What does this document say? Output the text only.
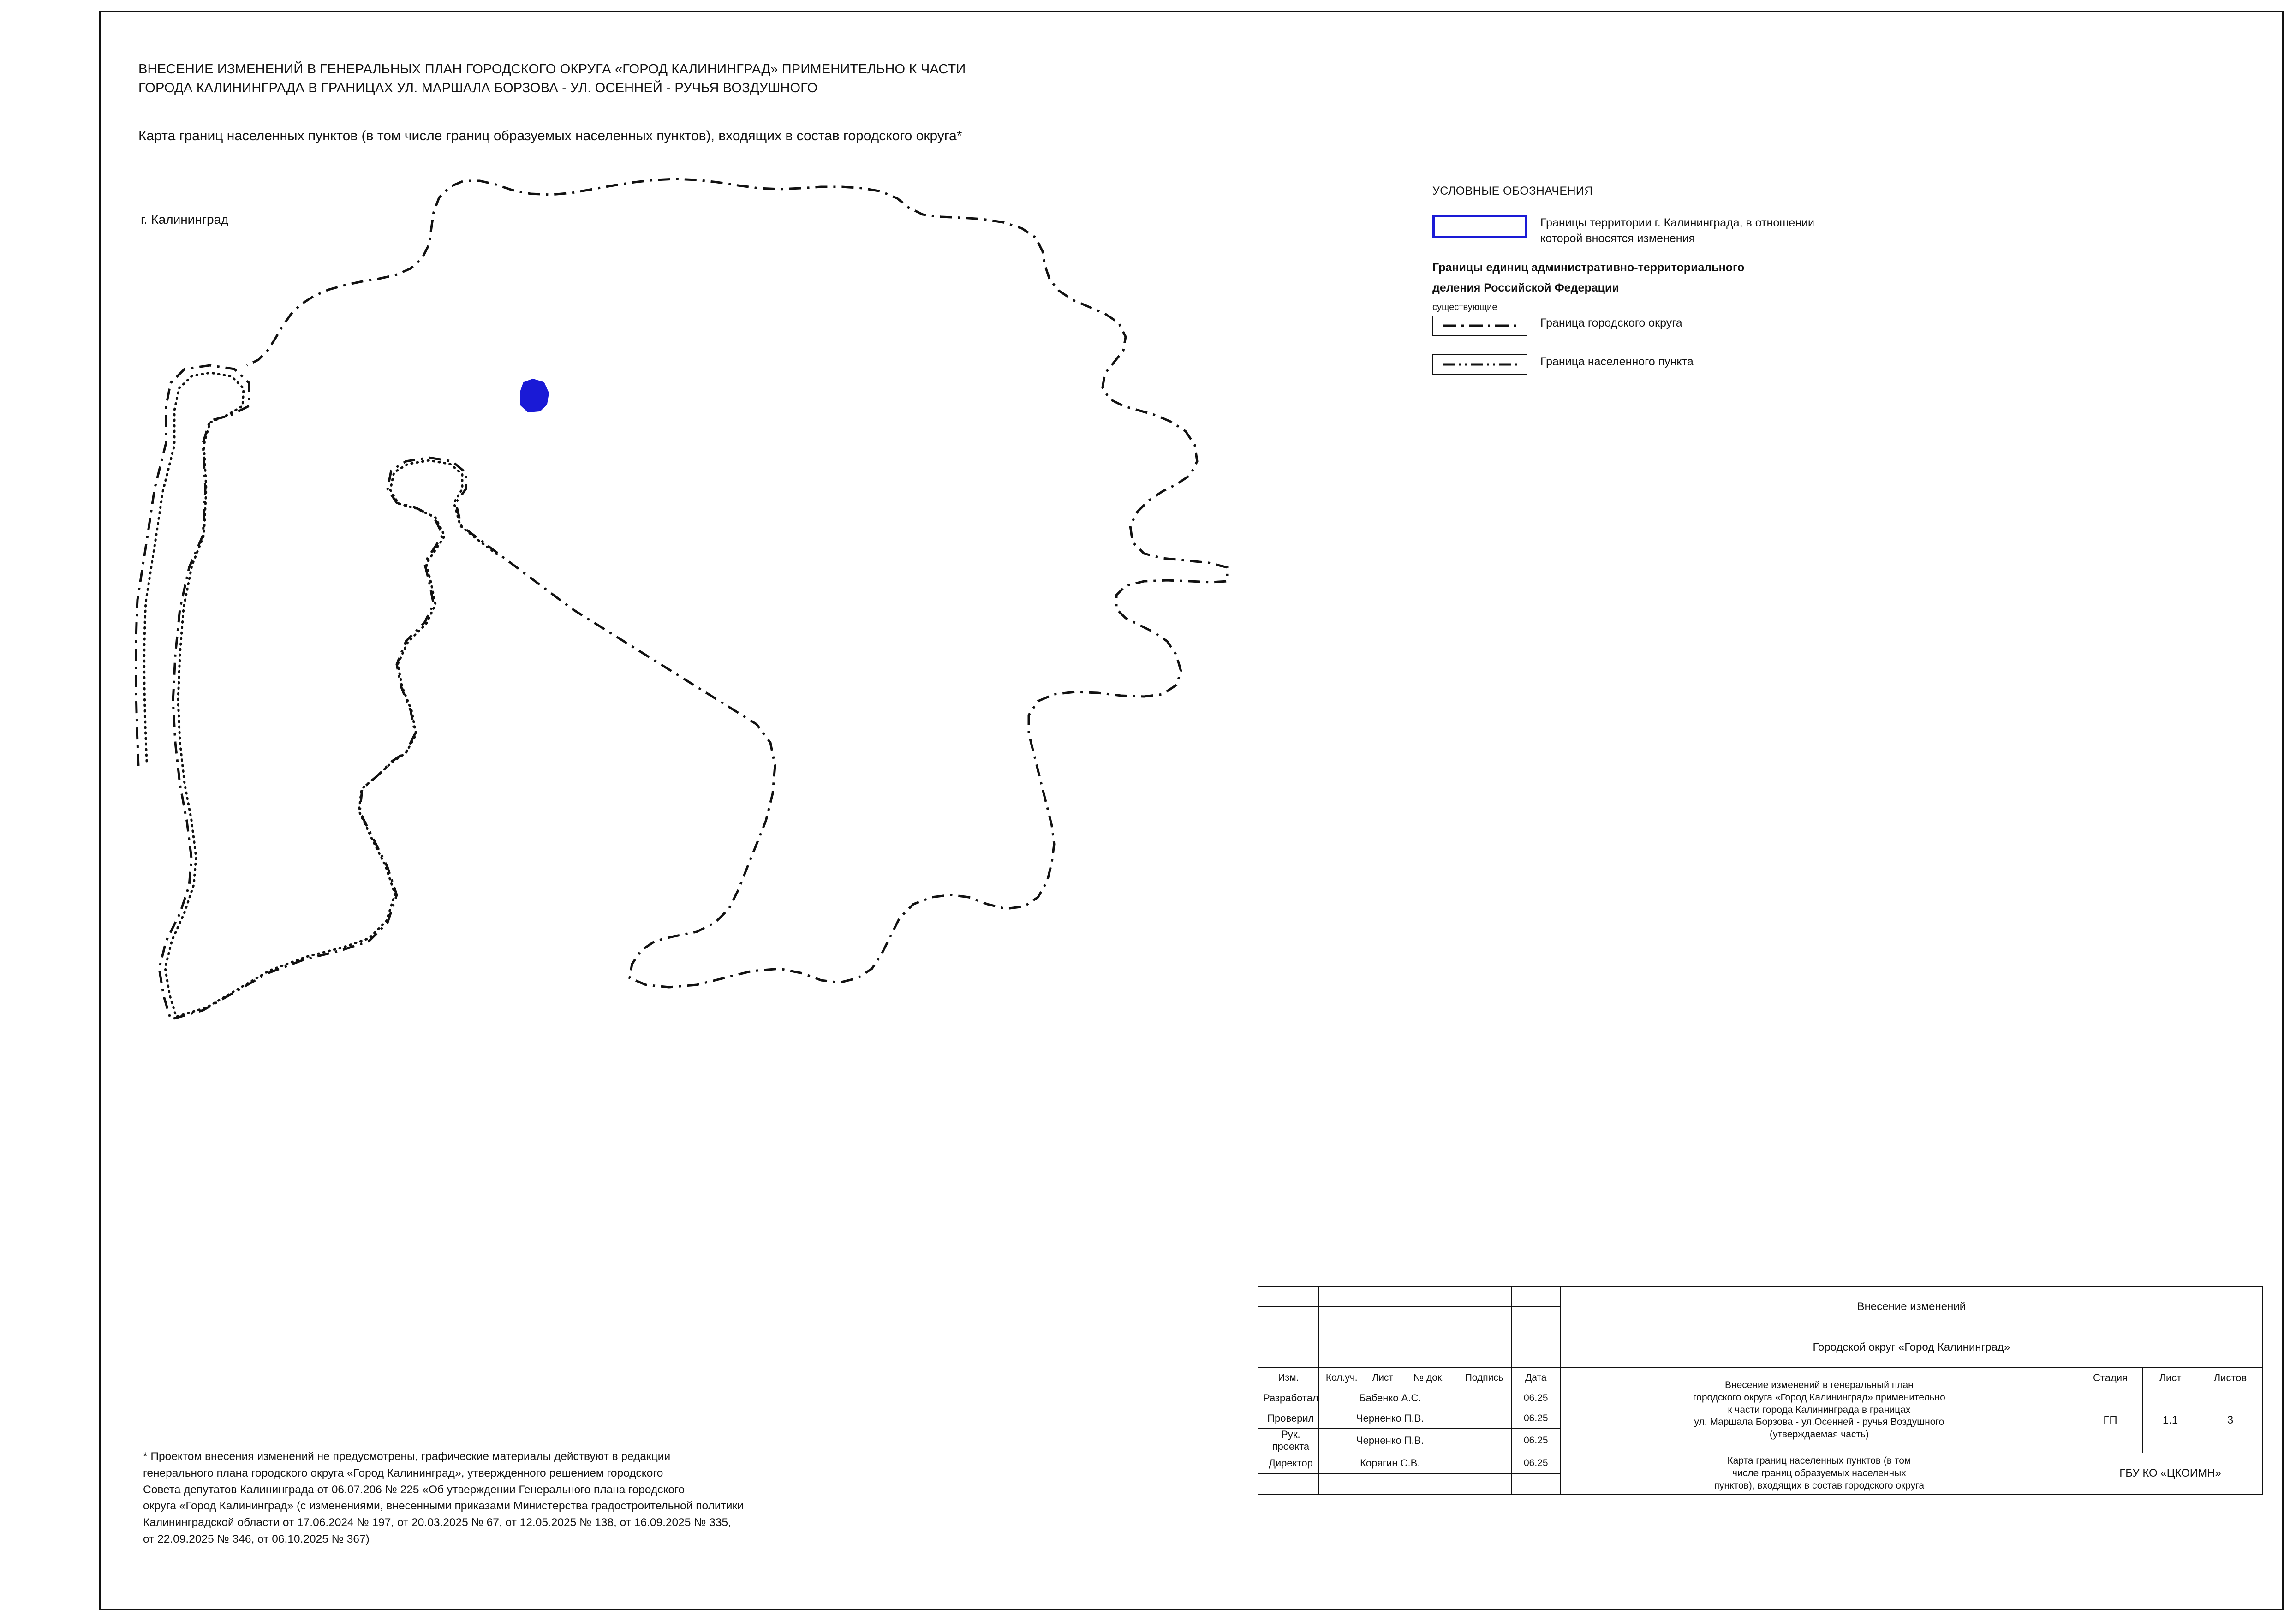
ВНЕСЕНИЕ ИЗМЕНЕНИЙ В ГЕНЕРАЛЬНЫХ ПЛАН ГОРОДСКОГО ОКРУГА «ГОРОД КАЛИНИНГРАД» ПРИМЕНИТЕЛЬНО К ЧАСТИ
ГОРОДА КАЛИНИНГРАДА В ГРАНИЦАХ УЛ. МАРШАЛА БОРЗОВА - УЛ. ОСЕННЕЙ - РУЧЬЯ ВОЗДУШНОГО
Карта границ населенных пунктов (в том числе границ образуемых населенных пунктов), входящих в состав городского округа*
г. Калининград
УСЛОВНЫЕ ОБОЗНАЧЕНИЯ
Границы территории г. Калининграда, в отношении
которой вносятся изменения
Границы единиц административно-территориального
деления Российской Федерации
существующие
Граница городского округа
Граница населенного пункта
* Проектом внесения изменений не предусмотрены, графические материалы действуют в редакции
генерального плана городского округа «Город Калининград», утвержденного решением городского
Совета депутатов Калининграда от 06.07.206 № 225 «Об утверждении Генерального плана городского
округа «Город Калининград» (с изменениями, внесенными приказами Министерства градостроительной политики
Калининградской области от 17.06.2024 № 197, от 20.03.2025 № 67, от 12.05.2025 № 138, от 16.09.2025 № 335,
от 22.09.2025 № 346, от 06.10.2025 № 367)
						Внесение изменений			

						Городской округ «Город Калининград»			

Изм.	Кол.уч.	Лист	№ док.	Подпись	Дата	Внесение изменений в генеральный план
городского округа «Город Калининград» применительно
к части города Калининграда в границах
ул. Маршала Борзова - ул.Осенней - ручья Воздушного
(утверждаемая часть)	Стадия	Лист	Листов
Разработал	Бабенко А.С.				06.25		ГП	1.1	3
Проверил	Черненко П.В.				06.25				
Рук. проекта	Черненко П.В.				06.25				
Директор	Корягин С.В.				06.25	Карта границ населенных пунктов (в том
числе границ образуемых населенных
пунктов), входящих в состав городского округа	ГБУ КО «ЦКОИМН»		
